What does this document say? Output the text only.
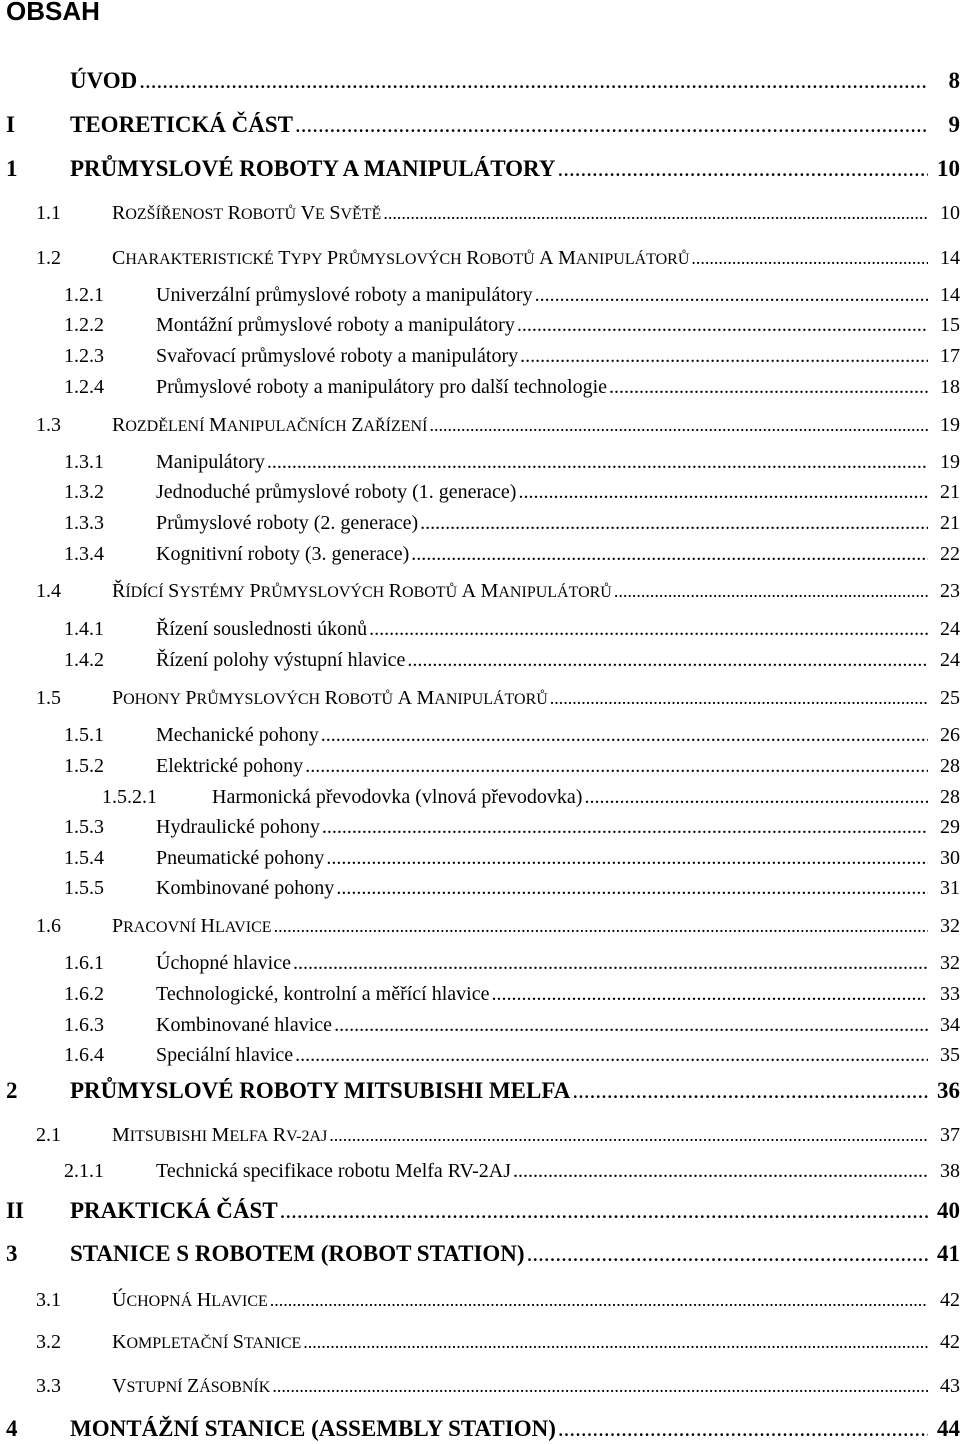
OBSAH
ÚVOD .....	8
I	TEORETICKÁ ČÁST .....	9
1	PRŮMYSLOVÉ ROBOTY A MANIPULÁTORY .....	10
1.1	ROZŠÍŘENOST ROBOTŮ VE SVĚTĚ .....	10
1.2	CHARAKTERISTICKÉ TYPY PRŮMYSLOVÝCH ROBOTŮ A MANIPULÁTORŮ .....	14
1.2.1	Univerzální průmyslové roboty a manipulátory .....	14
1.2.2	Montážní průmyslové roboty a manipulátory .....	15
1.2.3	Svařovací průmyslové roboty a manipulátory .....	17
1.2.4	Průmyslové roboty a manipulátory pro další technologie .....	18
1.3	ROZDĚLENÍ MANIPULAČNÍCH ZAŘÍZENÍ .....	19
1.3.1	Manipulátory .....	19
1.3.2	Jednoduché průmyslové roboty (1. generace) .....	21
1.3.3	Průmyslové roboty (2. generace) .....	21
1.3.4	Kognitivní roboty (3. generace) .....	22
1.4	ŘÍDÍCÍ SYSTÉMY PRŮMYSLOVÝCH ROBOTŮ A MANIPULÁTORŮ .....	23
1.4.1	Řízení souslednosti úkonů .....	24
1.4.2	Řízení polohy výstupní hlavice .....	24
1.5	POHONY PRŮMYSLOVÝCH ROBOTŮ A MANIPULÁTORŮ .....	25
1.5.1	Mechanické pohony .....	26
1.5.2	Elektrické pohony .....	28
1.5.2.1	Harmonická převodovka (vlnová převodovka) .....	28
1.5.3	Hydraulické pohony .....	29
1.5.4	Pneumatické pohony .....	30
1.5.5	Kombinované pohony .....	31
1.6	PRACOVNÍ HLAVICE .....	32
1.6.1	Úchopné hlavice .....	32
1.6.2	Technologické, kontrolní a měřící hlavice .....	33
1.6.3	Kombinované hlavice .....	34
1.6.4	Speciální hlavice .....	35
2	PRŮMYSLOVÉ ROBOTY MITSUBISHI MELFA .....	36
2.1	MITSUBISHI MELFA RV-2AJ .....	37
2.1.1	Technická specifikace robotu Melfa RV-2AJ .....	38
II	PRAKTICKÁ ČÁST .....	40
3	STANICE S ROBOTEM (ROBOT STATION) .....	41
3.1	ÚCHOPNÁ HLAVICE .....	42
3.2	KOMPLETAČNÍ STANICE .....	42
3.3	VSTUPNÍ ZÁSOBNÍK .....	43
4	MONTÁŽNÍ STANICE (ASSEMBLY STATION) .....	44
